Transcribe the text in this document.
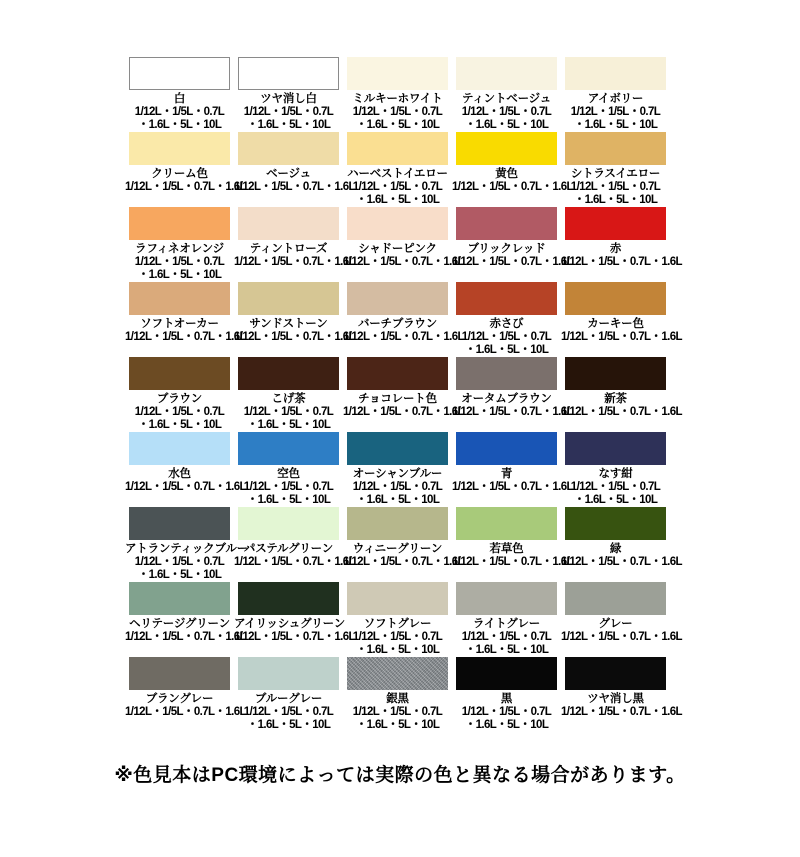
白
1/12L・1/5L・0.7L
・1.6L・5L・10L
ツヤ消し白
1/12L・1/5L・0.7L
・1.6L・5L・10L
ミルキーホワイト
1/12L・1/5L・0.7L
・1.6L・5L・10L
ティントベージュ
1/12L・1/5L・0.7L
・1.6L・5L・10L
アイボリー
1/12L・1/5L・0.7L
・1.6L・5L・10L
クリーム色
1/12L・1/5L・0.7L・1.6L
ベージュ
1/12L・1/5L・0.7L・1.6L
ハーベストイエロー
1/12L・1/5L・0.7L
・1.6L・5L・10L
黄色
1/12L・1/5L・0.7L・1.6L
シトラスイエロー
1/12L・1/5L・0.7L
・1.6L・5L・10L
ラフィネオレンジ
1/12L・1/5L・0.7L
・1.6L・5L・10L
ティントローズ
1/12L・1/5L・0.7L・1.6L
シャドーピンク
1/12L・1/5L・0.7L・1.6L
ブリックレッド
1/12L・1/5L・0.7L・1.6L
赤
1/12L・1/5L・0.7L・1.6L
ソフトオーカー
1/12L・1/5L・0.7L・1.6L
サンドストーン
1/12L・1/5L・0.7L・1.6L
バーチブラウン
1/12L・1/5L・0.7L・1.6L
赤さび
1/12L・1/5L・0.7L
・1.6L・5L・10L
カーキー色
1/12L・1/5L・0.7L・1.6L
ブラウン
1/12L・1/5L・0.7L
・1.6L・5L・10L
こげ茶
1/12L・1/5L・0.7L
・1.6L・5L・10L
チョコレート色
1/12L・1/5L・0.7L・1.6L
オータムブラウン
1/12L・1/5L・0.7L・1.6L
新茶
1/12L・1/5L・0.7L・1.6L
水色
1/12L・1/5L・0.7L・1.6L
空色
1/12L・1/5L・0.7L
・1.6L・5L・10L
オーシャンブルー
1/12L・1/5L・0.7L
・1.6L・5L・10L
青
1/12L・1/5L・0.7L・1.6L
なす紺
1/12L・1/5L・0.7L
・1.6L・5L・10L
アトランティックブルー
1/12L・1/5L・0.7L
・1.6L・5L・10L
パステルグリーン
1/12L・1/5L・0.7L・1.6L
ウィニーグリーン
1/12L・1/5L・0.7L・1.6L
若草色
1/12L・1/5L・0.7L・1.6L
緑
1/12L・1/5L・0.7L・1.6L
ヘリテージグリーン
1/12L・1/5L・0.7L・1.6L
アイリッシュグリーン
1/12L・1/5L・0.7L・1.6L
ソフトグレー
1/12L・1/5L・0.7L
・1.6L・5L・10L
ライトグレー
1/12L・1/5L・0.7L
・1.6L・5L・10L
グレー
1/12L・1/5L・0.7L・1.6L
ブラングレー
1/12L・1/5L・0.7L・1.6L
ブルーグレー
1/12L・1/5L・0.7L
・1.6L・5L・10L
銀黒
1/12L・1/5L・0.7L
・1.6L・5L・10L
黒
1/12L・1/5L・0.7L
・1.6L・5L・10L
ツヤ消し黒
1/12L・1/5L・0.7L・1.6L
※色見本はPC環境によっては実際の色と異なる場合があります。
